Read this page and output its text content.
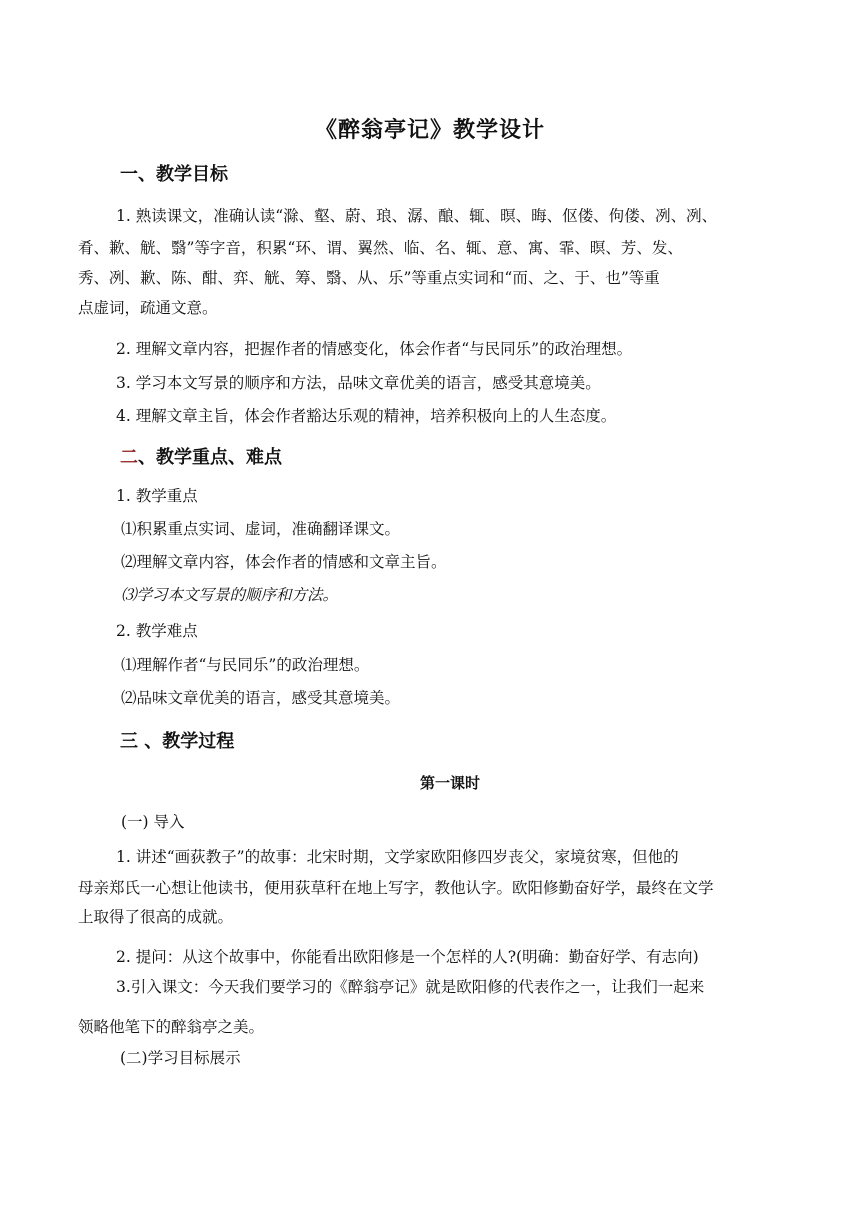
《醉翁亭记》教学设计
一、教学目标
1. 熟读课文，准确认读“滁、壑、蔚、琅、潺、酿、辄、暝、晦、伛偻、佝偻、冽、冽、
肴、歉、觥、翳”等字音，积累“环、谓、翼然、临、名、辄、意、寓、霏、暝、芳、发、
秀、冽、歉、陈、酣、弈、觥、筹、翳、从、乐”等重点实词和“而、之、于、也”等重
点虚词，疏通文意。
2. 理解文章内容，把握作者的情感变化，体会作者“与民同乐”的政治理想。
3. 学习本文写景的顺序和方法，品味文章优美的语言，感受其意境美。
4. 理解文章主旨，体会作者豁达乐观的精神，培养积极向上的人生态度。
二、教学重点、难点
1. 教学重点
⑴积累重点实词、虚词，准确翻译课文。
⑵理解文章内容，体会作者的情感和文章主旨。
⑶学习本文写景的顺序和方法。
2. 教学难点
⑴理解作者“与民同乐”的政治理想。
⑵品味文章优美的语言，感受其意境美。
三 、教学过程
第一课时
(一) 导入
1. 讲述“画荻教子”的故事：北宋时期，文学家欧阳修四岁丧父，家境贫寒，但他的
母亲郑氏一心想让他读书，便用荻草秆在地上写字，教他认字。欧阳修勤奋好学，最终在文学
上取得了很高的成就。
2. 提问：从这个故事中，你能看出欧阳修是一个怎样的人?(明确：勤奋好学、有志向)
3.引入课文：今天我们要学习的《醉翁亭记》就是欧阳修的代表作之一，让我们一起来
领略他笔下的醉翁亭之美。
(二)学习目标展示
